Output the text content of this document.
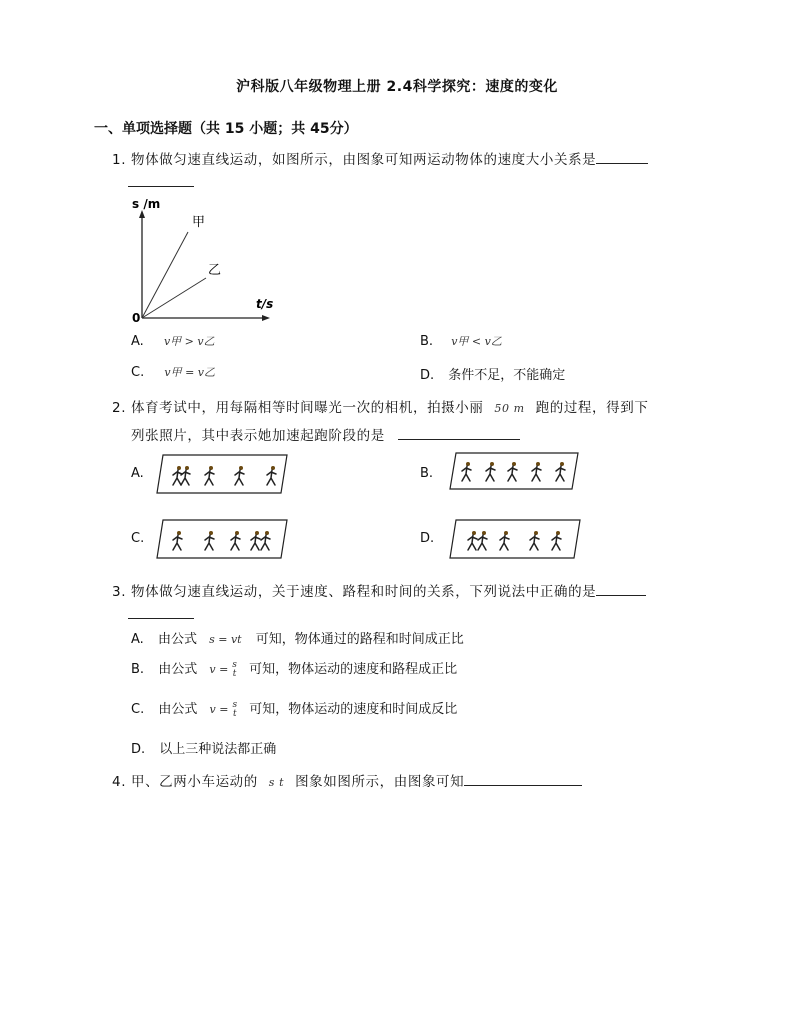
沪科版八年级物理上册 2.4科学探究：速度的变化
一、单项选择题（共 15 小题；共 45分）
1. 物体做匀速直线运动，如图所示，由图象可知两运动物体的速度大小关系是
s /m
t/s
0
甲
乙
A. v甲 > v乙	B. v甲 < v乙
C. v甲 = v乙	D. 条件不足，不能确定
2. 体育考试中，用每隔相等时间曝光一次的相机，拍摄小丽 50 m 跑的过程，得到下
列张照片，其中表示她加速起跑阶段的是
A.	B.
C.	D.
3. 物体做匀速直线运动，关于速度、路程和时间的关系，下列说法中正确的是
A. 由公式 s = vt 可知，物体通过的路程和时间成正比
B. 由公式 v = s
t 可知，物体运动的速度和路程成正比
C. 由公式 v = s
t 可知，物体运动的速度和时间成反比
D. 以上三种说法都正确
4. 甲、乙两小车运动的 s t 图象如图所示，由图象可知
